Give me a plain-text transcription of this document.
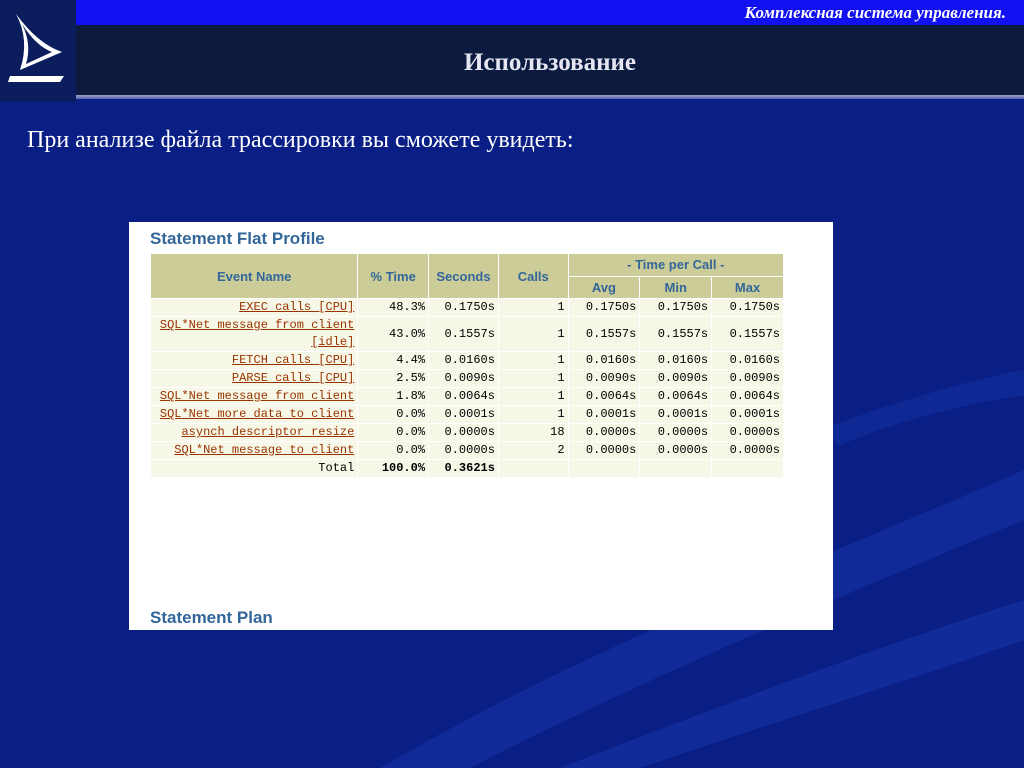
Комплексная система управления.
Использование
При анализе файла трассировки вы сможете увидеть:
Statement Flat Profile
Event Name	% Time	Seconds	Calls	- Time per Call -		
				Avg	Min	Max
EXEC calls [CPU]	48.3%	0.1750s	1	0.1750s	0.1750s	0.1750s
SQL*Net message from client [idle]	43.0%	0.1557s	1	0.1557s	0.1557s	0.1557s
FETCH calls [CPU]	4.4%	0.0160s	1	0.0160s	0.0160s	0.0160s
PARSE calls [CPU]	2.5%	0.0090s	1	0.0090s	0.0090s	0.0090s
SQL*Net message from client	1.8%	0.0064s	1	0.0064s	0.0064s	0.0064s
SQL*Net more data to client	0.0%	0.0001s	1	0.0001s	0.0001s	0.0001s
asynch descriptor resize	0.0%	0.0000s	18	0.0000s	0.0000s	0.0000s
SQL*Net message to client	0.0%	0.0000s	2	0.0000s	0.0000s	0.0000s
Total	100.0%	0.3621s				
Statement Plan
